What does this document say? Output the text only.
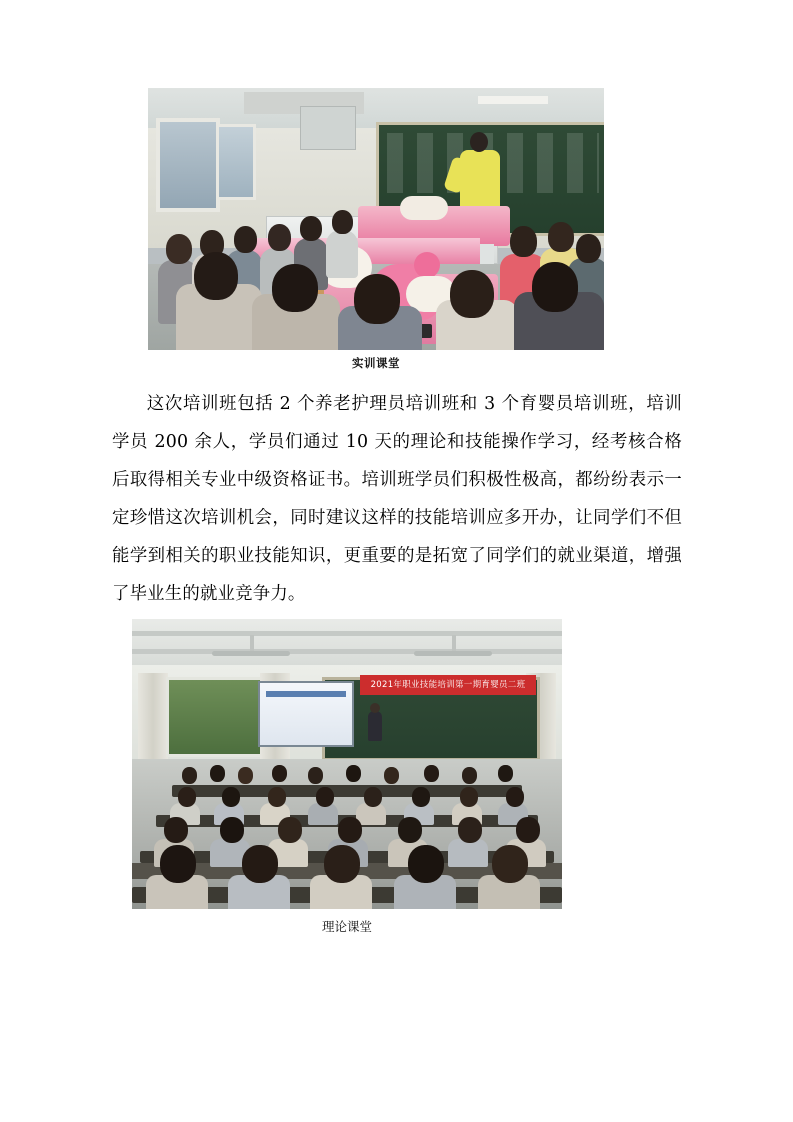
实训课堂

这次培训班包括 2 个养老护理员培训班和 3 个育婴员培训班，培训学员 200 余人，学员们通过 10 天的理论和技能操作学习，经考核合格后取得相关专业中级资格证书。培训班学员们积极性极高，都纷纷表示一定珍惜这次培训机会，同时建议这样的技能培训应多开办，让同学们不但能学到相关的职业技能知识，更重要的是拓宽了同学们的就业渠道，增强了毕业生的就业竞争力。

2021年职业技能培训第一期育婴员二班
理论课堂
